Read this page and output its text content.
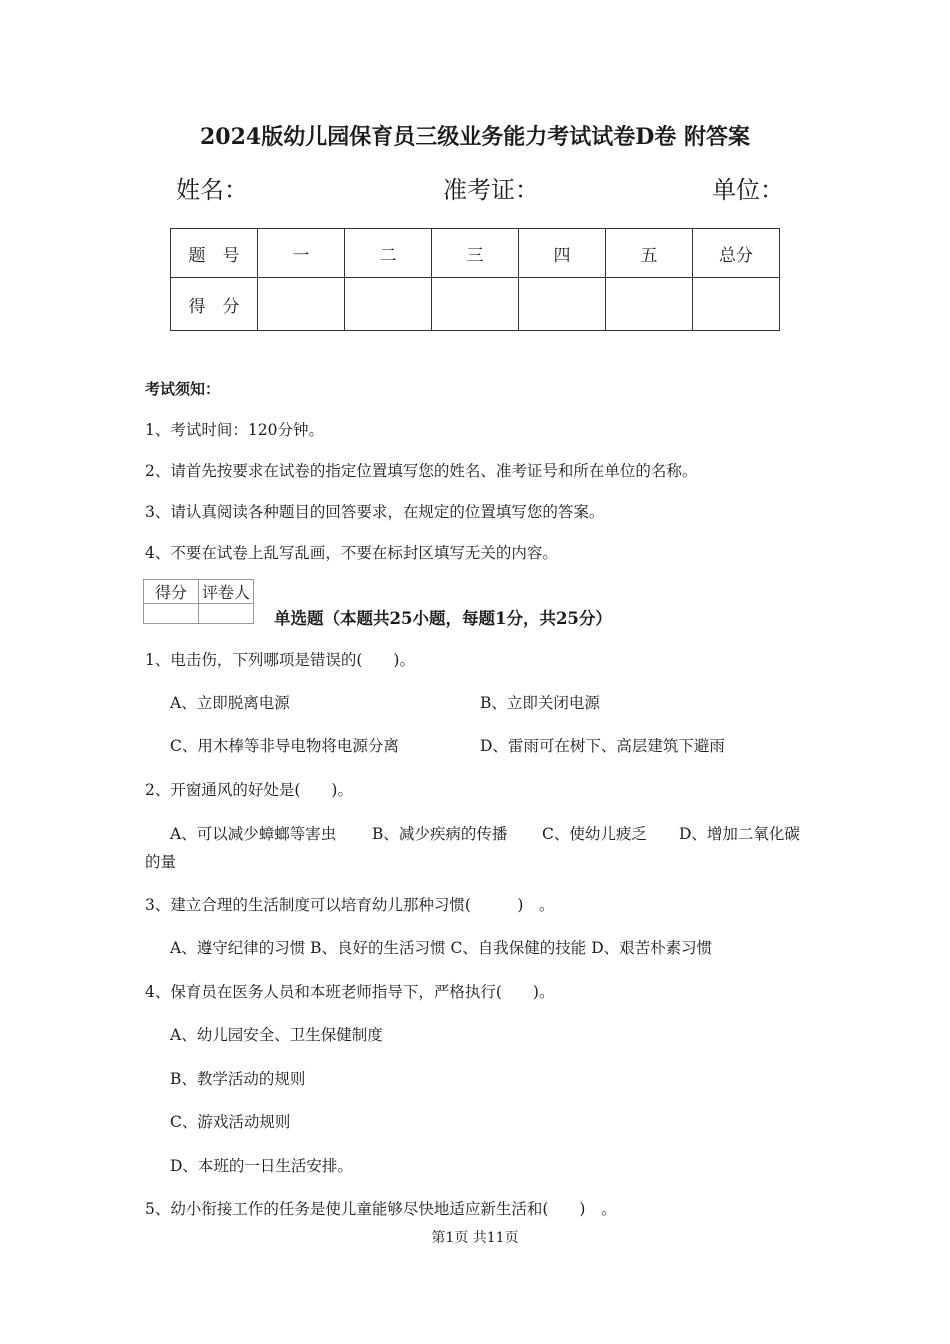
2024版幼儿园保育员三级业务能力考试试卷D卷 附答案
姓名：	准考证：	单位：
题　号	一	二	三	四	五	总分
得　分						
考试须知：
1、考试时间：120分钟。
2、请首先按要求在试卷的指定位置填写您的姓名、准考证号和所在单位的名称。
3、请认真阅读各种题目的回答要求，在规定的位置填写您的答案。
4、不要在试卷上乱写乱画，不要在标封区填写无关的内容。
得分	评卷人

单选题（本题共25小题，每题1分，共25分）
1、电击伤，下列哪项是错误的(　　)。
A、立即脱离电源	B、立即关闭电源
C、用木棒等非导电物将电源分离	D、雷雨可在树下、高层建筑下避雨
2、开窗通风的好处是(　　)。
A、可以减少蟑螂等害虫 B、减少疾病的传播 C、使幼儿疲乏 D、增加二氧化碳
的量
3、建立合理的生活制度可以培育幼儿那种习惯(　　　)　。
A、遵守纪律的习惯 B、良好的生活习惯 C、自我保健的技能 D、艰苦朴素习惯
4、保育员在医务人员和本班老师指导下，严格执行(　　)。
A、幼儿园安全、卫生保健制度
B、教学活动的规则
C、游戏活动规则
D、本班的一日生活安排。
5、幼小衔接工作的任务是使儿童能够尽快地适应新生活和(　　)　。
第1页 共11页
